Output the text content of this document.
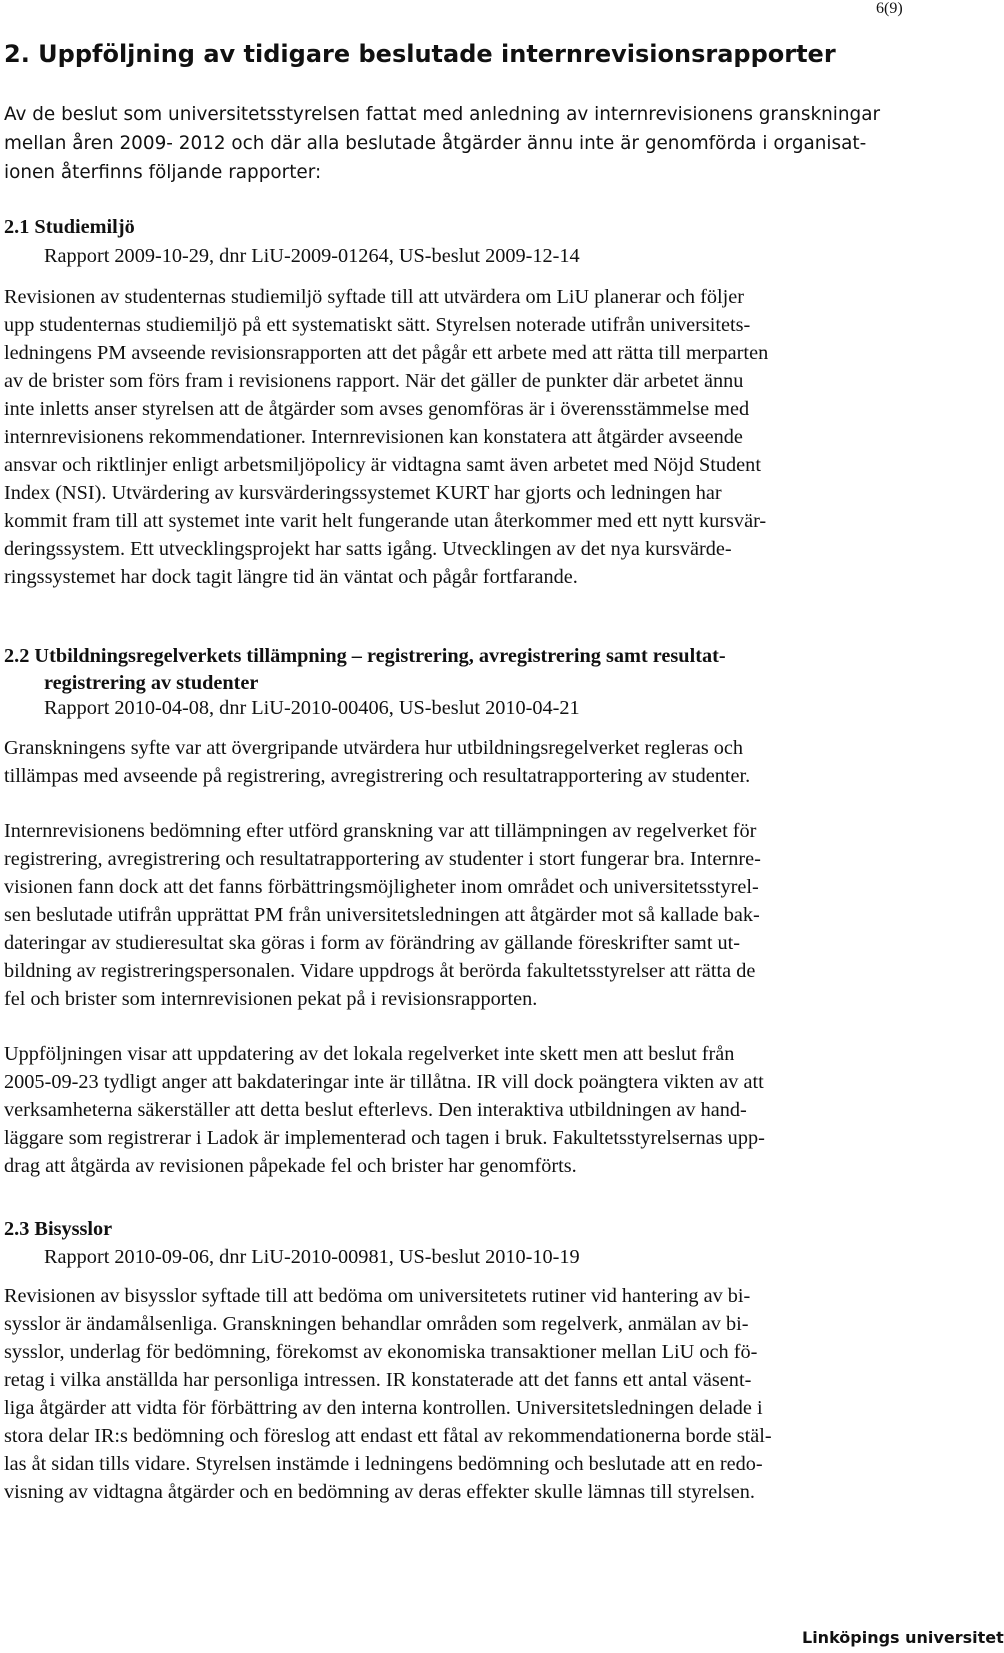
6(9)
2. Uppföljning av tidigare beslutade internrevisionsrapporter
Av de beslut som universitetsstyrelsen fattat med anledning av internrevisionens granskningar
mellan åren 2009- 2012 och där alla beslutade åtgärder ännu inte är genomförda i organisat-
ionen återfinns följande rapporter:
2.1 Studiemiljö
Rapport 2009-10-29, dnr LiU-2009-01264, US-beslut 2009-12-14
Revisionen av studenternas studiemiljö syftade till att utvärdera om LiU planerar och följer
upp studenternas studiemiljö på ett systematiskt sätt. Styrelsen noterade utifrån universitets-
ledningens PM avseende revisionsrapporten att det pågår ett arbete med att rätta till merparten
av de brister som förs fram i revisionens rapport. När det gäller de punkter där arbetet ännu
inte inletts anser styrelsen att de åtgärder som avses genomföras är i överensstämmelse med
internrevisionens rekommendationer. Internrevisionen kan konstatera att åtgärder avseende
ansvar och riktlinjer enligt arbetsmiljöpolicy är vidtagna samt även arbetet med Nöjd Student
Index (NSI). Utvärdering av kursvärderingssystemet KURT har gjorts och ledningen har
kommit fram till att systemet inte varit helt fungerande utan återkommer med ett nytt kursvär-
deringssystem. Ett utvecklingsprojekt har satts igång. Utvecklingen av det nya kursvärde-
ringssystemet har dock tagit längre tid än väntat och pågår fortfarande.
2.2 Utbildningsregelverkets tillämpning – registrering, avregistrering samt resultat-
registrering av studenter
Rapport 2010-04-08, dnr LiU-2010-00406, US-beslut 2010-04-21
Granskningens syfte var att övergripande utvärdera hur utbildningsregelverket regleras och
tillämpas med avseende på registrering, avregistrering och resultatrapportering av studenter.
Internrevisionens bedömning efter utförd granskning var att tillämpningen av regelverket för
registrering, avregistrering och resultatrapportering av studenter i stort fungerar bra. Internre-
visionen fann dock att det fanns förbättringsmöjligheter inom området och universitetsstyrel-
sen beslutade utifrån upprättat PM från universitetsledningen att åtgärder mot så kallade bak-
dateringar av studieresultat ska göras i form av förändring av gällande föreskrifter samt ut-
bildning av registreringspersonalen. Vidare uppdrogs åt berörda fakultetsstyrelser att rätta de
fel och brister som internrevisionen pekat på i revisionsrapporten.
Uppföljningen visar att uppdatering av det lokala regelverket inte skett men att beslut från
2005-09-23 tydligt anger att bakdateringar inte är tillåtna. IR vill dock poängtera vikten av att
verksamheterna säkerställer att detta beslut efterlevs. Den interaktiva utbildningen av hand-
läggare som registrerar i Ladok är implementerad och tagen i bruk. Fakultetsstyrelsernas upp-
drag att åtgärda av revisionen påpekade fel och brister har genomförts.
2.3 Bisysslor
Rapport 2010-09-06, dnr LiU-2010-00981, US-beslut 2010-10-19
Revisionen av bisysslor syftade till att bedöma om universitetets rutiner vid hantering av bi-
sysslor är ändamålsenliga. Granskningen behandlar områden som regelverk, anmälan av bi-
sysslor, underlag för bedömning, förekomst av ekonomiska transaktioner mellan LiU och fö-
retag i vilka anställda har personliga intressen. IR konstaterade att det fanns ett antal väsent-
liga åtgärder att vidta för förbättring av den interna kontrollen. Universitetsledningen delade i
stora delar IR:s bedömning och föreslog att endast ett fåtal av rekommendationerna borde stäl-
las åt sidan tills vidare. Styrelsen instämde i ledningens bedömning och beslutade att en redo-
visning av vidtagna åtgärder och en bedömning av deras effekter skulle lämnas till styrelsen.
Linköpings universitet
